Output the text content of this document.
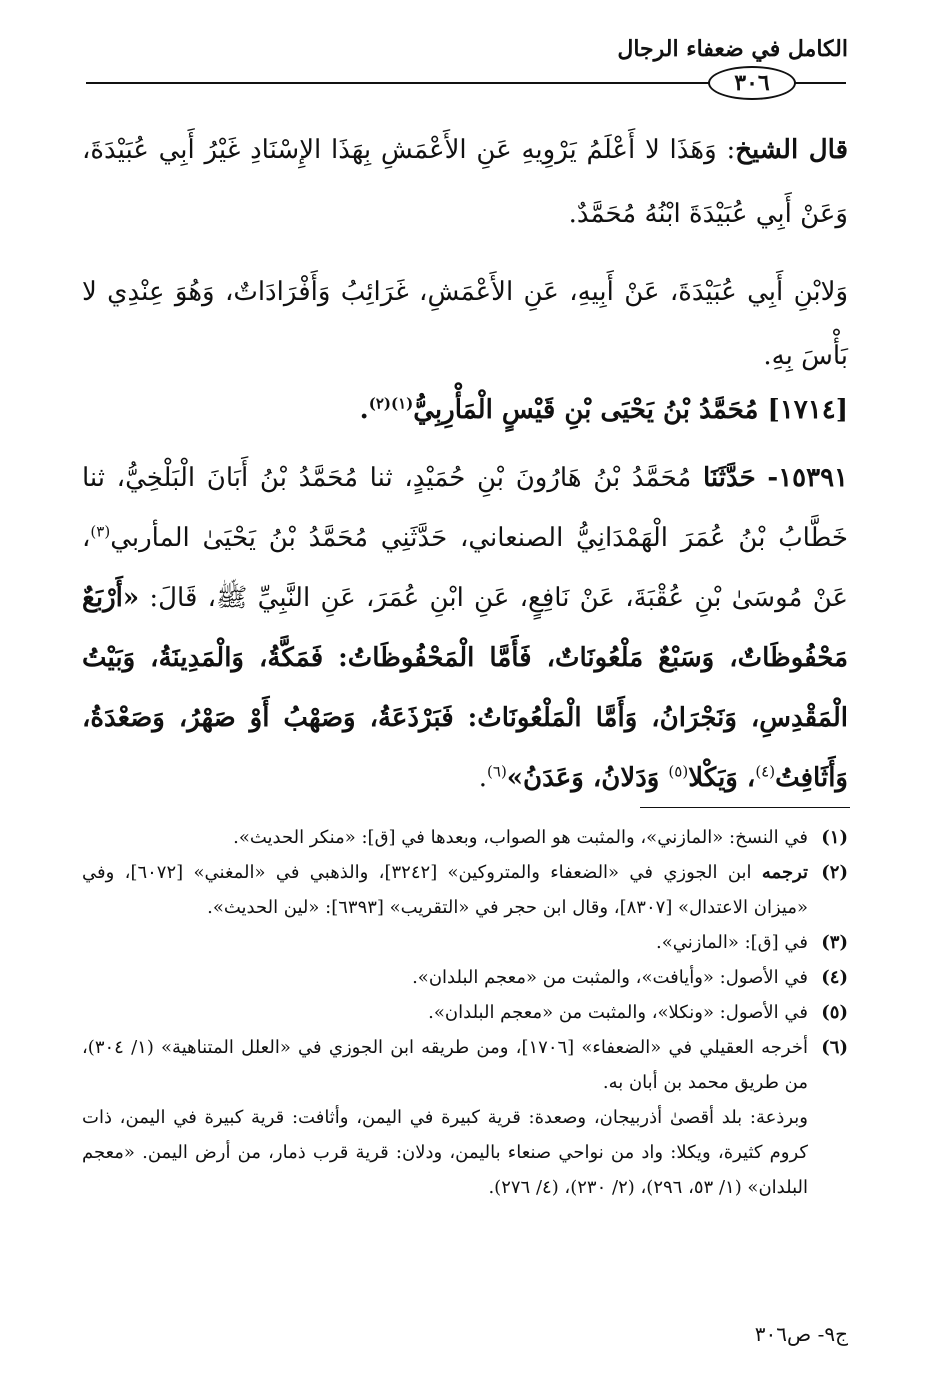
الكامل في ضعفاء الرجال
٣٠٦

قال الشيخ: وَهَذَا لا أَعْلَمُ يَرْوِيهِ عَنِ الأَعْمَشِ بِهَذَا الإِسْنَادِ غَيْرُ أَبِي عُبَيْدَةَ، وَعَنْ أَبِي عُبَيْدَةَ ابْنُهُ مُحَمَّدٌ.

وَلابْنِ أَبِي عُبَيْدَةَ، عَنْ أَبِيهِ، عَنِ الأَعْمَشِ، غَرَائِبُ وَأَفْرَادَاتٌ، وَهُوَ عِنْدِي لا بَأْسَ بِهِ.

[١٧١٤] مُحَمَّدُ بْنُ يَحْيَى بْنِ قَيْسٍ الْمَأْرِبِيُّ$^{(١)(٢)}$.

١٥٣٩١- حَدَّثَنَا مُحَمَّدُ بْنُ هَارُونَ بْنِ حُمَيْدٍ، ثنا مُحَمَّدُ بْنُ أَبَانَ الْبَلْخِيُّ، ثنا خَطَّابُ بْنُ عُمَرَ الْهَمْدَانِيُّ الصنعاني، حَدَّثَنِي مُحَمَّدُ بْنُ يَحْيَىٰ المأربي$^{(٣)}$، عَنْ مُوسَىٰ بْنِ عُقْبَةَ، عَنْ نَافِعٍ، عَنِ ابْنِ عُمَرَ، عَنِ النَّبِيِّ ﷺ، قَالَ: «أَرْبَعٌ مَحْفُوظَاتٌ، وَسَبْعٌ مَلْعُونَاتٌ، فَأَمَّا الْمَحْفُوظَاتُ: فَمَكَّةُ، وَالْمَدِينَةُ، وَبَيْتُ الْمَقْدِسِ، وَنَجْرَانُ، وَأَمَّا الْمَلْعُونَاتُ: فَبَرْذَعَةُ، وَصَهْبُ أَوْ صَهْرُ، وَصَعْدَةُ، وَأَثَافِتُ$^{(٤)}$، وَيَكْلا$^{(٥)}$ وَدَلانُ، وَعَدَنُ»$^{(٦)}$.

(١)
في النسخ: «المازني»، والمثبت هو الصواب، وبعدها في [ق]: «منكر الحديث».
(٢)
ترجمه ابن الجوزي في «الضعفاء والمتروكين» [٣٢٤٢]، والذهبي في «المغني» [٦٠٧٢]، وفي «ميزان الاعتدال» [٨٣٠٧]، وقال ابن حجر في «التقريب» [٦٣٩٣]: «لين الحديث».
(٣)
في [ق]: «المازني».
(٤)
في الأصول: «وأيافت»، والمثبت من «معجم البلدان».
(٥)
في الأصول: «ونكلا»، والمثبت من «معجم البلدان».
(٦)
أخرجه العقيلي في «الضعفاء» [١٧٠٦]، ومن طريقه ابن الجوزي في «العلل المتناهية» (١/ ٣٠٤)، من طريق محمد بن أبان به.

وبرذعة: بلد أقصىٰ أذربيجان، وصعدة: قرية كبيرة في اليمن، وأثافت: قرية كبيرة في اليمن، ذات كروم كثيرة، ويكلا: واد من نواحي صنعاء باليمن، ودلان: قرية قرب ذمار، من أرض اليمن. «معجم البلدان» (١/ ٥٣، ٢٩٦)، (٢/ ٢٣٠)، (٤/ ٢٧٦).

ج٩- ص٣٠٦
